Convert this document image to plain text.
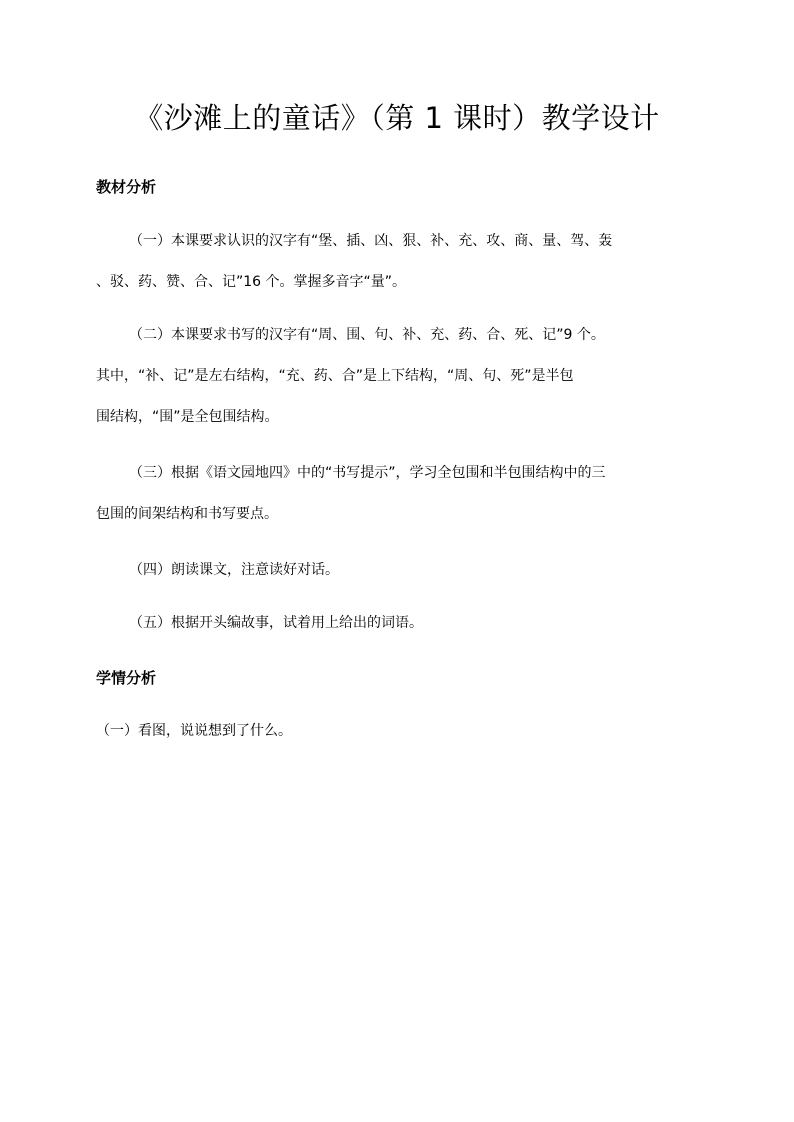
《沙滩上的童话》（第 1 课时）教学设计
教材分析
（一）本课要求认识的汉字有“堡、插、凶、狠、补、充、攻、商、量、驾、轰
、驳、药、赞、合、记”16 个。掌握多音字“量”。
（二）本课要求书写的汉字有“周、围、句、补、充、药、合、死、记”9 个。
其中，“补、记”是左右结构，“充、药、合”是上下结构，“周、句、死”是半包
围结构，“围”是全包围结构。
（三）根据《语文园地四》中的“书写提示”，学习全包围和半包围结构中的三
包围的间架结构和书写要点。
（四）朗读课文，注意读好对话。
（五）根据开头编故事，试着用上给出的词语。
学情分析
（一）看图，说说想到了什么。
